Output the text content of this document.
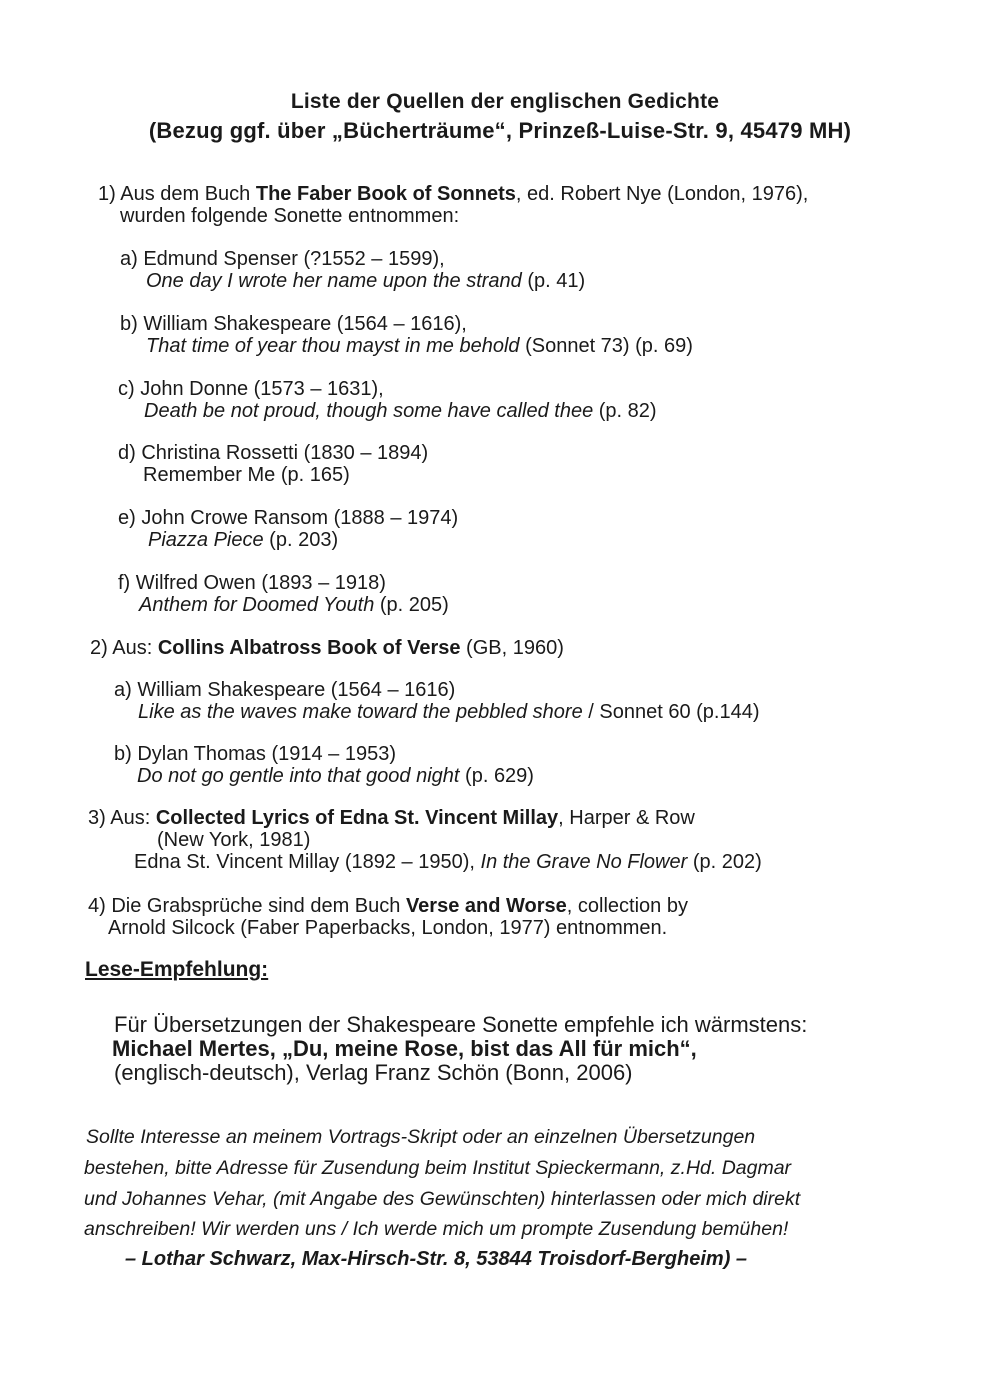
Liste der Quellen der englischen Gedichte
(Bezug ggf. über „Bücherträume“, Prinzeß-Luise-Str. 9, 45479 MH)
1) Aus dem Buch The Faber Book of Sonnets, ed. Robert Nye (London, 1976),
wurden folgende Sonette entnommen:
a) Edmund Spenser (?1552 – 1599),
One day I wrote her name upon the strand (p. 41)
b) William Shakespeare (1564 – 1616),
That time of year thou mayst in me behold (Sonnet 73) (p. 69)
c) John Donne (1573 – 1631),
Death be not proud, though some have called thee (p. 82)
d) Christina Rossetti (1830 – 1894)
Remember Me (p. 165)
e) John Crowe Ransom (1888 – 1974)
Piazza Piece (p. 203)
f) Wilfred Owen (1893 – 1918)
Anthem for Doomed Youth (p. 205)
2) Aus: Collins Albatross Book of Verse (GB, 1960)
a) William Shakespeare (1564 – 1616)
Like as the waves make toward the pebbled shore / Sonnet 60 (p.144)
b) Dylan Thomas (1914 – 1953)
Do not go gentle into that good night (p. 629)
3) Aus: Collected Lyrics of Edna St. Vincent Millay, Harper & Row
(New York, 1981)
Edna St. Vincent Millay (1892 – 1950), In the Grave No Flower (p. 202)
4) Die Grabsprüche sind dem Buch Verse and Worse, collection by
Arnold Silcock (Faber Paperbacks, London, 1977) entnommen.
Lese-Empfehlung:
Für Übersetzungen der Shakespeare Sonette empfehle ich wärmstens:
Michael Mertes, „Du, meine Rose, bist das All für mich“,
(englisch-deutsch), Verlag Franz Schön (Bonn, 2006)
Sollte Interesse an meinem Vortrags-Skript oder an einzelnen Übersetzungen
bestehen, bitte Adresse für Zusendung beim Institut Spieckermann, z.Hd. Dagmar
und Johannes Vehar, (mit Angabe des Gewünschten) hinterlassen oder mich direkt
anschreiben! Wir werden uns / Ich werde mich um prompte Zusendung bemühen!
– Lothar Schwarz, Max-Hirsch-Str. 8, 53844 Troisdorf-Bergheim) –
